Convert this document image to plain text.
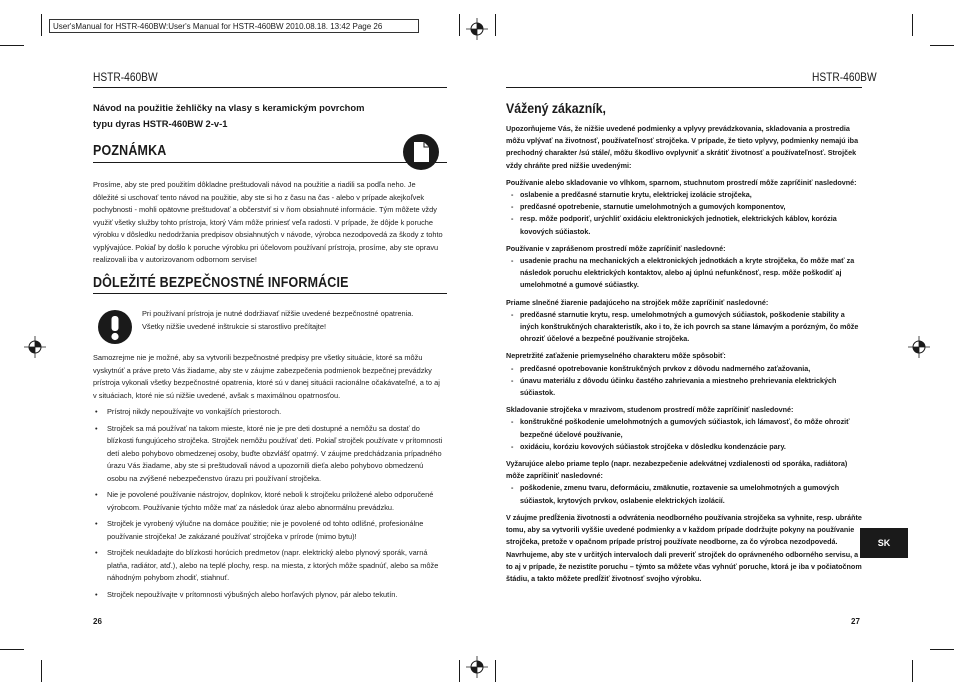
User'sManual for HSTR-460BW:User's Manual for HSTR-460BW 2010.08.18. 13:42 Page 26
HSTR-460BW
Návod na použitie žehličky na vlasy s keramickým povrchom
typu dyras HSTR-460BW 2-v-1
POZNÁMKA
Prosíme, aby ste pred použitím dôkladne preštudovali návod na použitie a riadili sa podľa neho. Je dôležité si uschovať tento návod na použitie, aby ste si ho z času na čas - alebo v prípade akejkoľvek pochybnosti - mohli opätovne preštudovať a občerstviť si v ňom obsiahnuté informácie. Tým môžete vždy využiť všetky služby tohto prístroja, ktorý Vám môže priniesť veľa radosti. V prípade, že dôjde k poruche výrobku v dôsledku nedodržania predpisov obsiahnutých v návode, výrobca nezodpovedá za škody z tohto vyplývajúce. Pokiaľ by došlo k poruche výrobku pri účelovom používaní prístroja, prosíme, aby ste opravu realizovali iba v autorizovanom odbornom servise!
DÔLEŽITÉ BEZPEČNOSTNÉ INFORMÁCIE

Pri používaní prístroja je nutné dodržiavať nižšie uvedené bezpečnostné opatrenia.

Všetky nižšie uvedené inštrukcie si starostlivo prečítajte!

Samozrejme nie je možné, aby sa vytvorili bezpečnostné predpisy pre všetky situácie, ktoré sa môžu vyskytnúť a práve preto Vás žiadame, aby ste v záujme zabezpečenia podmienok bezpečnej prevádzky prístroja vykonali všetky bezpečnostné opatrenia, ktoré sú v danej situácii racionálne očakávateľné, a to aj v situáciach, ktoré nie sú nižšie uvedené, avšak s maximálnou opatrnosťou.
• Prístroj nikdy nepoužívajte vo vonkajších priestoroch.
• Strojček sa má používať na takom mieste, ktoré nie je pre deti dostupné a nemôžu sa dostať do blízkosti fungujúceho strojčeka. Strojček nemôžu používať deti. Pokiaľ strojček používate v prítomnosti detí alebo pohybovo obmedzenej osoby, buďte obzvlášť opatrný. V záujme predchádzania prípadného úrazu Vás žiadame, aby ste si preštudovali návod a upozornili dieťa alebo pohybovo obmedzenú osobu na zvýšené nebezpečenstvo úrazu pri používaní strojčeka.
• Nie je povolené používanie nástrojov, doplnkov, ktoré neboli k strojčeku priložené alebo odporučené výrobcom. Používanie týchto môže mať za následok úraz alebo abnormálnu prevádzku.
• Strojček je vyrobený výlučne na domáce použitie; nie je povolené od tohto odlišné, profesionálne používanie strojčeka! Je zakázané používať strojčeka v prírode (mimo bytu)!
• Strojček neukladajte do blízkosti horúcich predmetov (napr. elektrický alebo plynový sporák, varná platňa, radiátor, atď.), alebo na teplé plochy, resp. na miesta, z ktorých môže spadnúť, alebo sa môže náhodným pohybom zhodiť, stiahnuť.
• Strojček nepoužívajte v prítomnosti výbušných alebo horľavých plynov, pár alebo tekutín.
26
HSTR-460BW
Vážený zákazník,

Upozorňujeme Vás, že nižšie uvedené podmienky a vplyvy prevádzkovania, skladovania a prostredia môžu vplývať na životnosť, používateľnosť strojčeka. V prípade, že tieto vplyvy, podmienky nemajú iba prechodný charakter /sú stále/, môžu škodlivo ovplyvniť a skrátiť životnosť a používateľnosť. Strojček vždy chráňte pred nižšie uvedenými:

Používanie alebo skladovanie vo vlhkom, sparnom, stuchnutom prostredí môže zapríčiniť nasledovné:

- oslabenie a predčasné starnutie krytu, elektrickej izolácie strojčeka,

- predčasné opotrebenie, starnutie umelohmotných a gumových komponentov,

- resp. môže podporiť, urýchliť oxidáciu elektronických jednotiek, elektrických káblov, korózia kovových súčiastok.

Používanie v zaprášenom prostredí môže zapríčiniť nasledovné:

- usadenie prachu na mechanických a elektronických jednotkách a kryte strojčeka, čo môže mať za následok poruchu elektrických kontaktov, alebo aj úplnú nefunkčnosť, resp. môže poškodiť aj umelohmotné a gumové súčiastky.

Priame slnečné žiarenie padajúceho na strojček môže zapríčiniť nasledovné:

- predčasné starnutie krytu, resp. umelohmotných a gumových súčiastok, poškodenie stability a iných konštrukčných charakteristík, ako i to, že ich povrch sa stane lámavým a porózným, čo môže ohroziť účelové a bezpečné používanie strojčeka.

Nepretržité zaťaženie priemyselného charakteru môže spôsobiť:

- predčasné opotrebovanie konštrukčných prvkov z dôvodu nadmerného zaťažovania,

- únavu materiálu z dôvodu účinku častého zahrievania a miestneho prehrievania elektrických súčiastok.

Skladovanie strojčeka v mrazivom, studenom prostredí môže zapríčiniť nasledovné:

- konštrukčné poškodenie umelohmotných a gumových súčiastok, ich lámavosť, čo môže ohroziť bezpečné účelové používanie,

- oxidáciu, koróziu kovových súčiastok strojčeka v dôsledku kondenzácie pary.

Vyžarujúce alebo priame teplo (napr. nezabezpečenie adekvátnej vzdialenosti od sporáka, radiátora) môže zapríčiniť nasledovné:

- poškodenie, zmenu tvaru, deformáciu, zmäknutie, roztavenie sa umelohmotných a gumových súčiastok, krytových prvkov, oslabenie elektrických izolácií.

V záujme predĺženia životnosti a odvrátenia neodborného používania strojčeka sa vyhnite, resp. ubráňte tomu, aby sa vytvorili vyššie uvedené podmienky a v každom prípade dodržujte pokyny na používanie strojčeka, pretože v opačnom prípade prístroj používate neodborne, za čo výrobca nezodpovedá. Navrhujeme, aby ste v určitých intervaloch dali preveriť strojček do oprávneného odborného servisu, a to aj v prípade, že nezistíte poruchu – týmto sa môžete včas vyhnúť poruche, ktorá je iba v počiatočnom štádiu, a takto môžete predĺžiť životnosť svojho výrobku.

SK
27
